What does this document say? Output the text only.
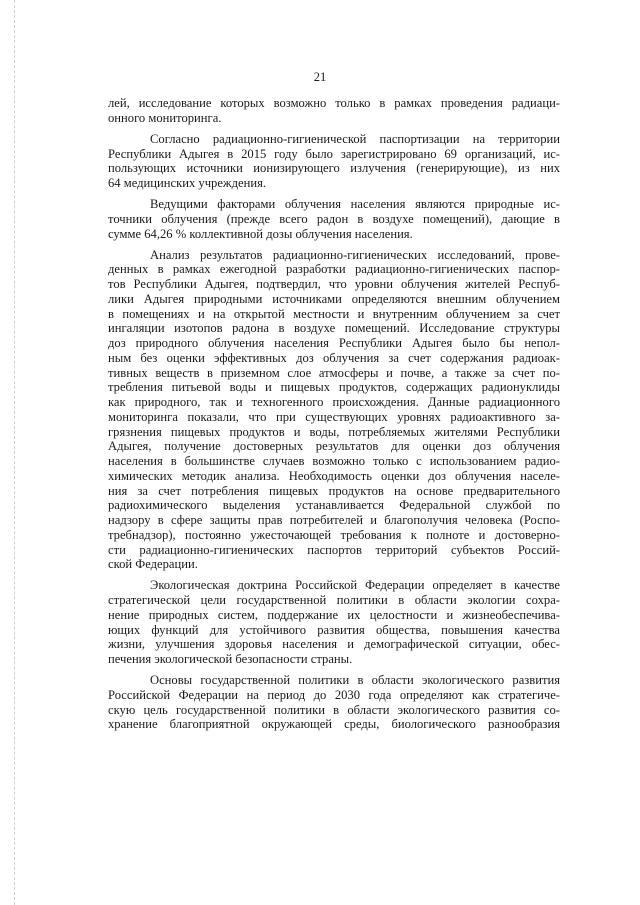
21
лей, исследование которых возможно только в рамках проведения радиаци-
онного мониторинга.
Согласно радиационно-гигиенической паспортизации на территории
Республики Адыгея в 2015 году было зарегистрировано 69 организаций, ис-
пользующих источники ионизирующего излучения (генерирующие), из них
64 медицинских учреждения.
Ведущими факторами облучения населения являются природные ис-
точники облучения (прежде всего радон в воздухе помещений), дающие в
сумме 64,26 % коллективной дозы облучения населения.
Анализ результатов радиационно-гигиенических исследований, прове-
денных в рамках ежегодной разработки радиационно-гигиенических паспор-
тов Республики Адыгея, подтвердил, что уровни облучения жителей Респуб-
лики Адыгея природными источниками определяются внешним облучением
в помещениях и на открытой местности и внутренним облучением за счет
ингаляции изотопов радона в воздухе помещений. Исследование структуры
доз природного облучения населения Республики Адыгея было бы непол-
ным без оценки эффективных доз облучения за счет содержания радиоак-
тивных веществ в приземном слое атмосферы и почве, а также за счет по-
требления питьевой воды и пищевых продуктов, содержащих радионуклиды
как природного, так и техногенного происхождения. Данные радиационного
мониторинга показали, что при существующих уровнях радиоактивного за-
грязнения пищевых продуктов и воды, потребляемых жителями Республики
Адыгея, получение достоверных результатов для оценки доз облучения
населения в большинстве случаев возможно только с использованием радио-
химических методик анализа. Необходимость оценки доз облучения населе-
ния за счет потребления пищевых продуктов на основе предварительного
радиохимического выделения устанавливается Федеральной службой по
надзору в сфере защиты прав потребителей и благополучия человека (Роспо-
требнадзор), постоянно ужесточающей требования к полноте и достоверно-
сти радиационно-гигиенических паспортов территорий субъектов Россий-
ской Федерации.
Экологическая доктрина Российской Федерации определяет в качестве
стратегической цели государственной политики в области экологии сохра-
нение природных систем, поддержание их целостности и жизнеобеспечива-
ющих функций для устойчивого развития общества, повышения качества
жизни, улучшения здоровья населения и демографической ситуации, обес-
печения экологической безопасности страны.
Основы государственной политики в области экологического развития
Российской Федерации на период до 2030 года определяют как стратегиче-
скую цель государственной политики в области экологического развития со-
хранение благоприятной окружающей среды, биологического разнообразия
